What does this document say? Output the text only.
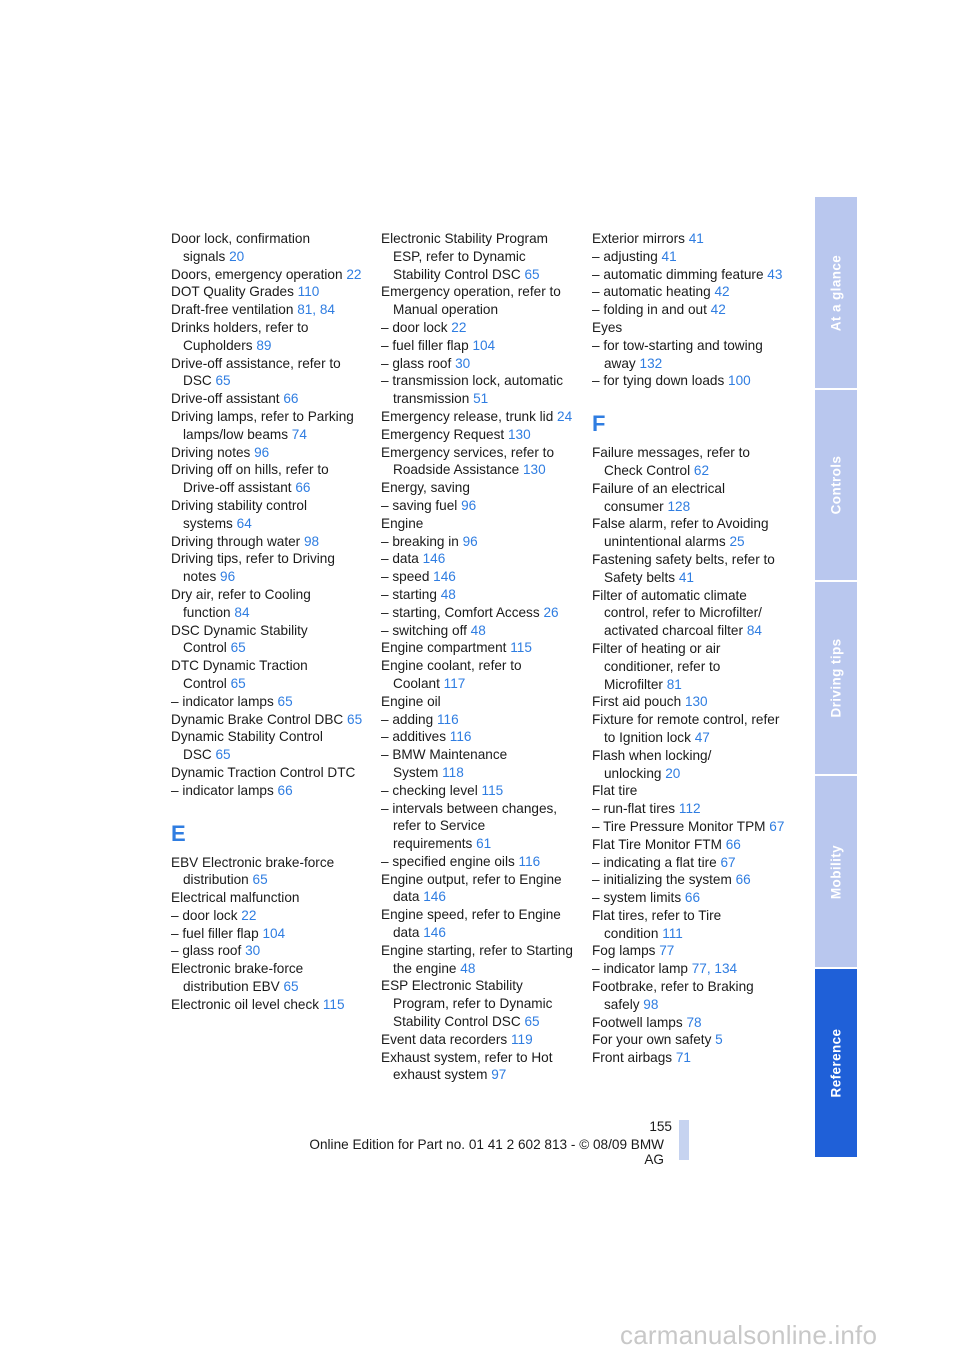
Door lock, confirmation signals 20
Doors, emergency operation 22
DOT Quality Grades 110
Draft-free ventilation 81, 84
Drinks holders, refer to Cupholders 89
Drive-off assistance, refer to DSC 65
Drive-off assistant 66
Driving lamps, refer to Parking lamps/low beams 74
Driving notes 96
Driving off on hills, refer to Drive-off assistant 66
Driving stability control systems 64
Driving through water 98
Driving tips, refer to Driving notes 96
Dry air, refer to Cooling function 84
DSC Dynamic Stability Control 65
DTC Dynamic Traction Control 65
– indicator lamps 65
Dynamic Brake Control DBC 65
Dynamic Stability Control DSC 65
Dynamic Traction Control DTC
– indicator lamps 66
E
EBV Electronic brake-force distribution 65
Electrical malfunction
– door lock 22
– fuel filler flap 104
– glass roof 30
Electronic brake-force distribution EBV 65
Electronic oil level check 115
Electronic Stability Program ESP, refer to Dynamic Stability Control DSC 65
Emergency operation, refer to Manual operation
– door lock 22
– fuel filler flap 104
– glass roof 30
– transmission lock, automatic transmission 51
Emergency release, trunk lid 24
Emergency Request 130
Emergency services, refer to Roadside Assistance 130
Energy, saving
– saving fuel 96
Engine
– breaking in 96
– data 146
– speed 146
– starting 48
– starting, Comfort Access 26
– switching off 48
Engine compartment 115
Engine coolant, refer to Coolant 117
Engine oil
– adding 116
– additives 116
– BMW Maintenance System 118
– checking level 115
– intervals between changes, refer to Service requirements 61
– specified engine oils 116
Engine output, refer to Engine data 146
Engine speed, refer to Engine data 146
Engine starting, refer to Starting the engine 48
ESP Electronic Stability Program, refer to Dynamic Stability Control DSC 65
Event data recorders 119
Exhaust system, refer to Hot exhaust system 97
Exterior mirrors 41
– adjusting 41
– automatic dimming feature 43
– automatic heating 42
– folding in and out 42
Eyes
– for tow-starting and towing away 132
– for tying down loads 100
F
Failure messages, refer to Check Control 62
Failure of an electrical consumer 128
False alarm, refer to Avoiding unintentional alarms 25
Fastening safety belts, refer to Safety belts 41
Filter of automatic climate control, refer to Microfilter/ activated charcoal filter 84
Filter of heating or air conditioner, refer to Microfilter 81
First aid pouch 130
Fixture for remote control, refer to Ignition lock 47
Flash when locking/ unlocking 20
Flat tire
– run-flat tires 112
– Tire Pressure Monitor TPM 67
Flat Tire Monitor FTM 66
– indicating a flat tire 67
– initializing the system 66
– system limits 66
Flat tires, refer to Tire condition 111
Fog lamps 77
– indicator lamp 77, 134
Footbrake, refer to Braking safely 98
Footwell lamps 78
For your own safety 5
Front airbags 71
At a glance
Controls
Driving tips
Mobility
Reference
155
Online Edition for Part no. 01 41 2 602 813 - © 08/09 BMW AG
carmanualsonline.info
